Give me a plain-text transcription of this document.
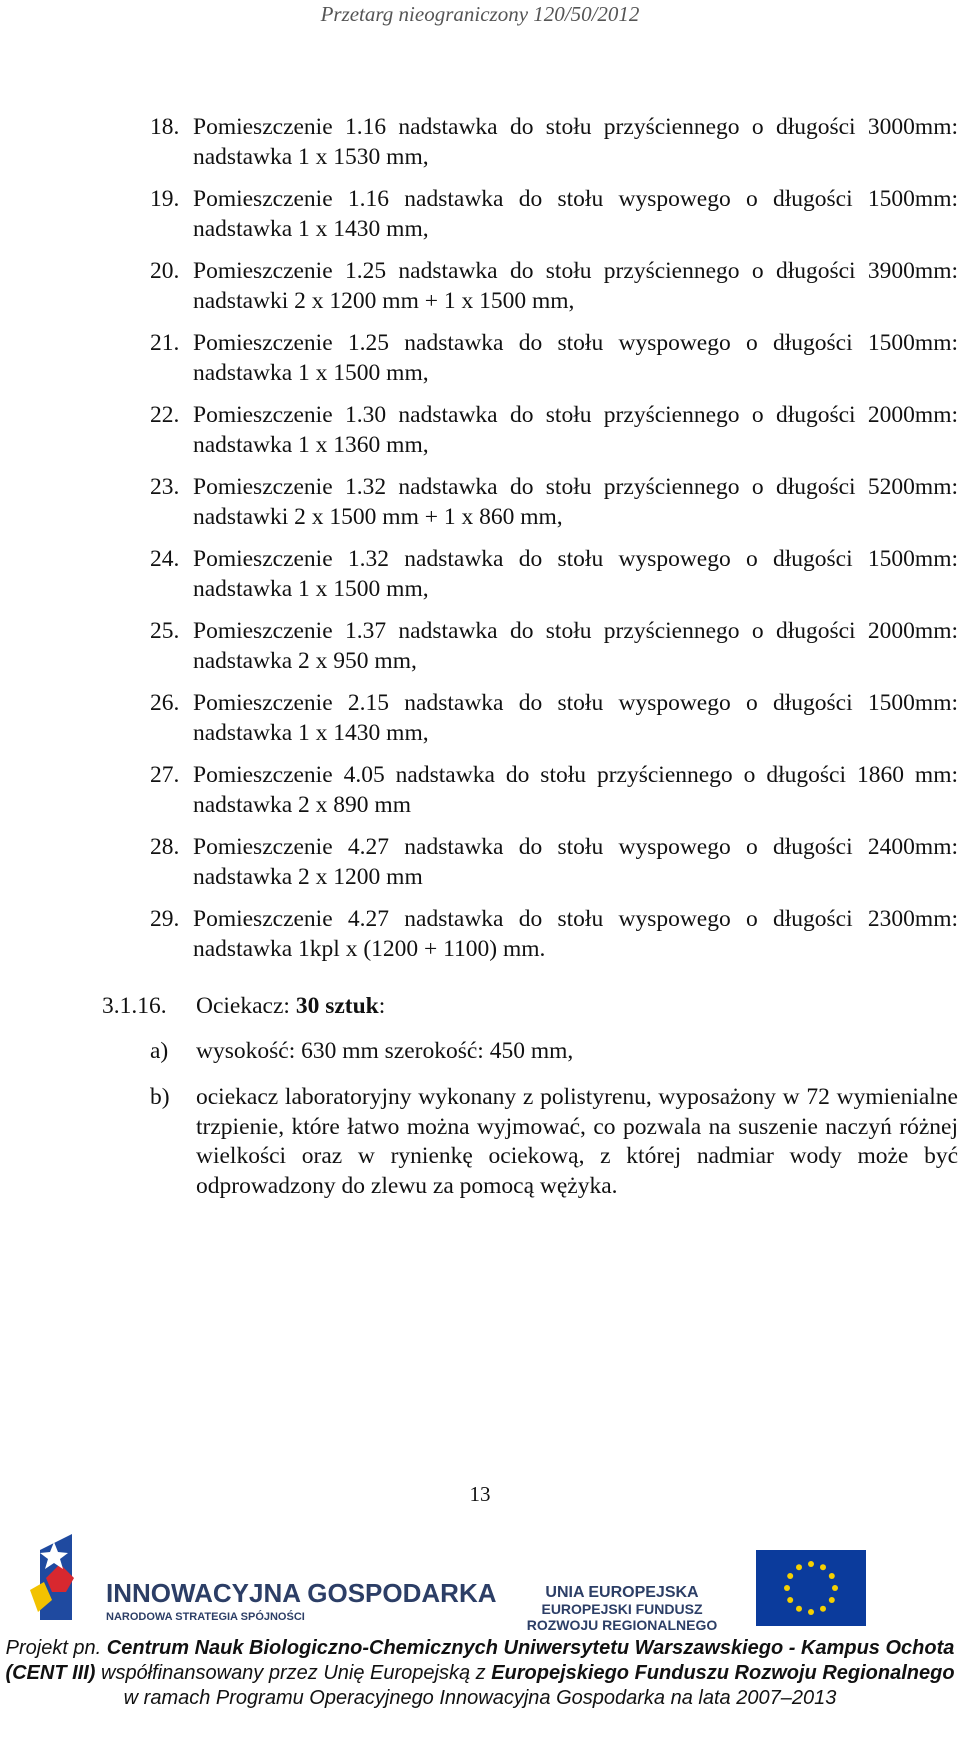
Przetarg nieograniczony 120/50/2012
18. Pomieszczenie 1.16 nadstawka do stołu przyściennego o długości 3000mm: nadstawka 1 x 1530 mm,
19. Pomieszczenie 1.16 nadstawka do stołu wyspowego o długości 1500mm: nadstawka 1 x 1430 mm,
20. Pomieszczenie 1.25 nadstawka do stołu przyściennego o długości 3900mm: nadstawki 2 x 1200 mm + 1 x 1500 mm,
21. Pomieszczenie 1.25 nadstawka do stołu wyspowego o długości 1500mm: nadstawka 1 x 1500 mm,
22. Pomieszczenie 1.30 nadstawka do stołu przyściennego o długości 2000mm: nadstawka 1 x 1360 mm,
23. Pomieszczenie 1.32 nadstawka do stołu przyściennego o długości 5200mm: nadstawki 2 x 1500 mm + 1 x 860 mm,
24. Pomieszczenie 1.32 nadstawka do stołu wyspowego o długości 1500mm: nadstawka 1 x 1500 mm,
25. Pomieszczenie 1.37 nadstawka do stołu przyściennego o długości 2000mm: nadstawka 2 x 950 mm,
26. Pomieszczenie 2.15 nadstawka do stołu wyspowego o długości 1500mm: nadstawka 1 x 1430 mm,
27. Pomieszczenie 4.05 nadstawka do stołu przyściennego o długości 1860 mm: nadstawka 2 x 890 mm
28. Pomieszczenie 4.27 nadstawka do stołu wyspowego o długości 2400mm: nadstawka 2 x 1200 mm
29. Pomieszczenie 4.27 nadstawka do stołu wyspowego o długości 2300mm: nadstawka 1kpl x (1200 + 1100) mm.
3.1.16. Ociekacz: 30 sztuk:
a) wysokość: 630 mm szerokość: 450 mm,
b) ociekacz laboratoryjny wykonany z polistyrenu, wyposażony w 72 wymienialne trzpienie, które łatwo można wyjmować, co pozwala na suszenie naczyń różnej wielkości oraz w rynienkę ociekową, z której nadmiar wody może być odprowadzony do zlewu za pomocą wężyka.
13
INNOWACYJNA GOSPODARKA
NARODOWA STRATEGIA SPÓJNOŚCI
UNIA EUROPEJSKA
EUROPEJSKI FUNDUSZ
ROZWOJU REGIONALNEGO
Projekt pn. Centrum Nauk Biologiczno-Chemicznych Uniwersytetu Warszawskiego - Kampus Ochota (CENT III) współfinansowany przez Unię Europejską z Europejskiego Funduszu Rozwoju Regionalnego w ramach Programu Operacyjnego Innowacyjna Gospodarka na lata 2007–2013
